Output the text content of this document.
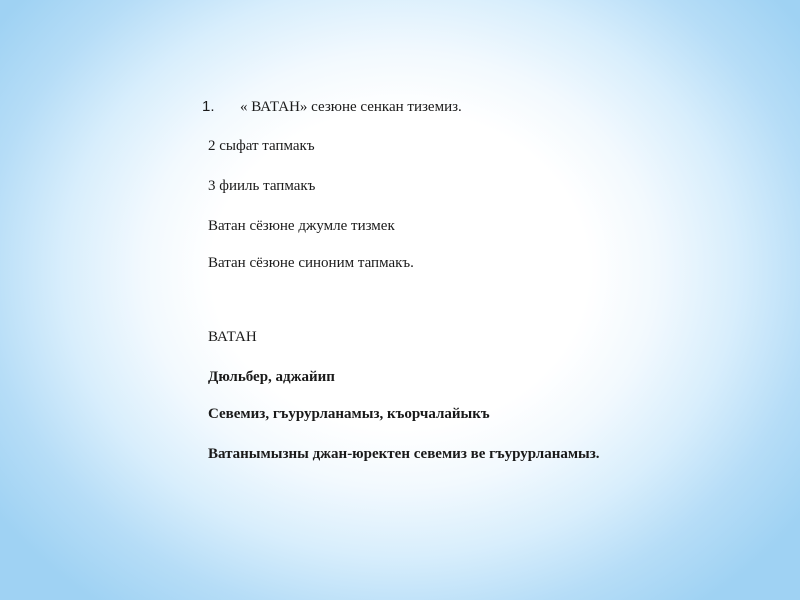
1.	« ВАТАН» сезюне сенкан тиземиз.
2 сыфат тапмакъ
3 фииль тапмакъ
Ватан сёзюне джумле тизмек
Ватан сёзюне синоним тапмакъ.
ВАТАН
Дюльбер, аджайип
Севемиз, гъурурланамыз, къорчалайыкъ
Ватанымызны джан-юректен севемиз ве гъурурланамыз.
